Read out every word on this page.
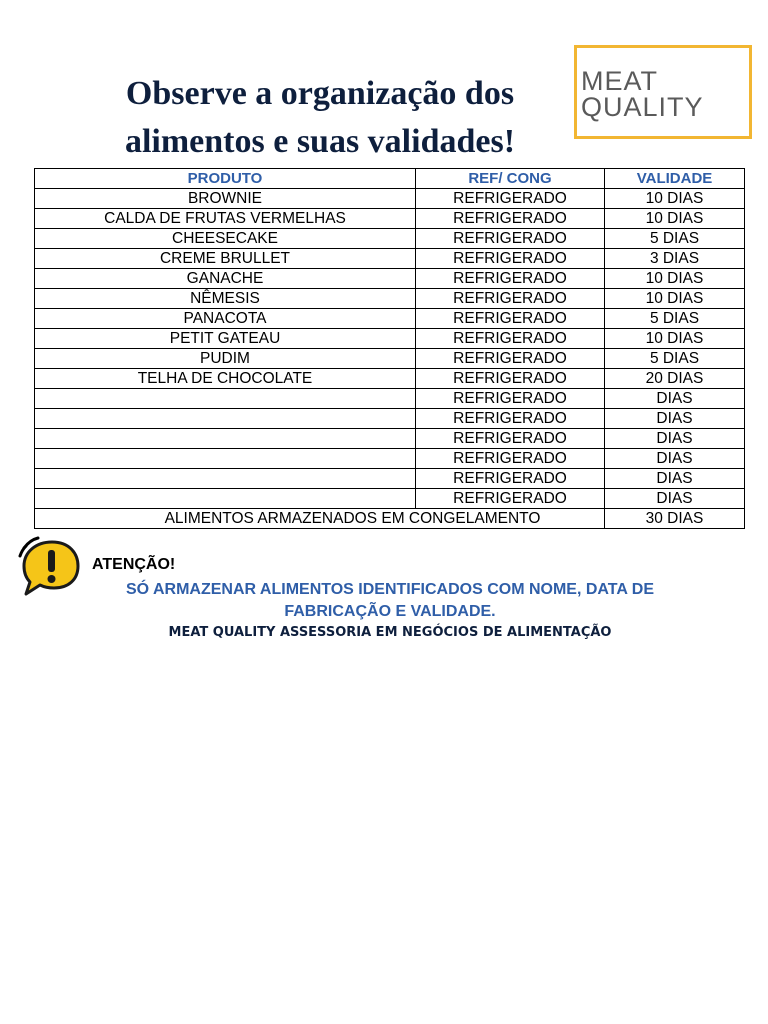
Observe a organização dos
alimentos e suas validades!
MEAT
QUALITY
PRODUTO	REF/ CONG	VALIDADE
BROWNIE	REFRIGERADO	10 DIAS
CALDA DE FRUTAS VERMELHAS	REFRIGERADO	10 DIAS
CHEESECAKE	REFRIGERADO	5 DIAS
CREME BRULLET	REFRIGERADO	3 DIAS
GANACHE	REFRIGERADO	10 DIAS
NÊMESIS	REFRIGERADO	10 DIAS
PANACOTA	REFRIGERADO	5 DIAS
PETIT GATEAU	REFRIGERADO	10 DIAS
PUDIM	REFRIGERADO	5 DIAS
TELHA DE CHOCOLATE	REFRIGERADO	20 DIAS
	REFRIGERADO	DIAS
	REFRIGERADO	DIAS
	REFRIGERADO	DIAS
	REFRIGERADO	DIAS
	REFRIGERADO	DIAS
	REFRIGERADO	DIAS
ALIMENTOS ARMAZENADOS EM CONGELAMENTO		30 DIAS
ATENÇÃO!
SÓ ARMAZENAR ALIMENTOS IDENTIFICADOS COM NOME, DATA DE
FABRICAÇÃO E VALIDADE.
MEAT QUALITY ASSESSORIA EM NEGÓCIOS DE ALIMENTAÇÃO
